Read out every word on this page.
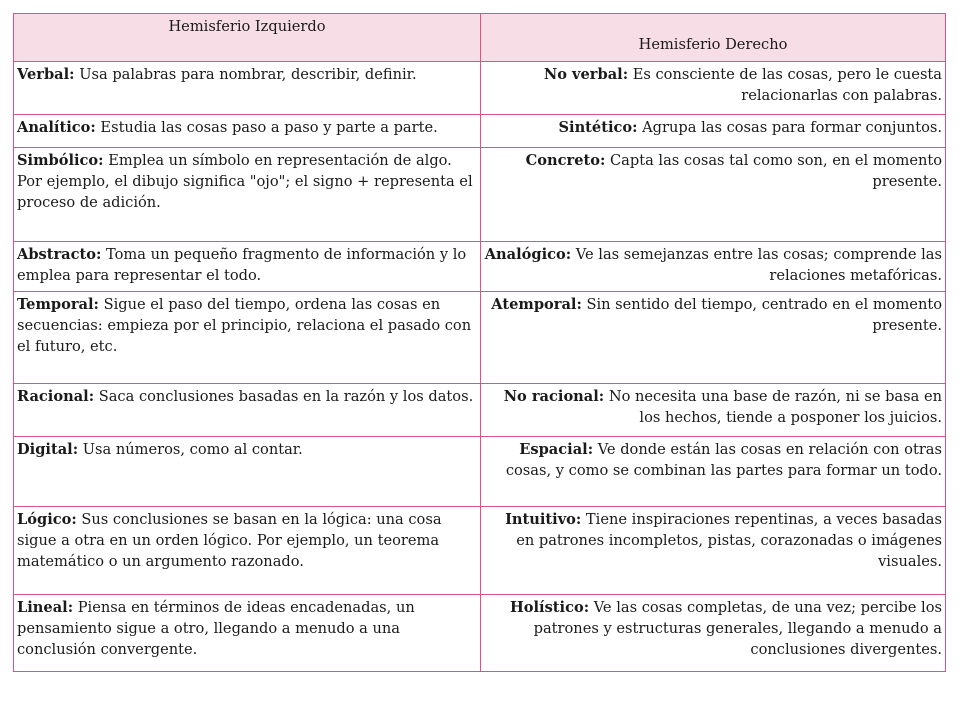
Hemisferio Izquierdo	Hemisferio Derecho
Verbal: Usa palabras para nombrar, describir, definir.	No verbal: Es consciente de las cosas, pero le cuesta relacionarlas con palabras.
Analítico: Estudia las cosas paso a paso y parte a parte.	Sintético: Agrupa las cosas para formar conjuntos.
Simbólico: Emplea un símbolo en representación de algo. Por ejemplo, el dibujo significa "ojo"; el signo + representa el proceso de adición.	Concreto: Capta las cosas tal como son, en el momento presente.
Abstracto: Toma un pequeño fragmento de información y lo emplea para representar el todo.	Analógico: Ve las semejanzas entre las cosas; comprende las relaciones metafóricas.
Temporal: Sigue el paso del tiempo, ordena las cosas en secuencias: empieza por el principio, relaciona el pasado con el futuro, etc.	Atemporal: Sin sentido del tiempo, centrado en el momento presente.
Racional: Saca conclusiones basadas en la razón y los datos.	No racional: No necesita una base de razón, ni se basa en los hechos, tiende a posponer los juicios.
Digital: Usa números, como al contar.	Espacial: Ve donde están las cosas en relación con otras cosas, y como se combinan las partes para formar un todo.
Lógico: Sus conclusiones se basan en la lógica: una cosa sigue a otra en un orden lógico. Por ejemplo, un teorema matemático o un argumento razonado.	Intuitivo: Tiene inspiraciones repentinas, a veces basadas en patrones incompletos, pistas, corazonadas o imágenes visuales.
Lineal: Piensa en términos de ideas encadenadas, un pensamiento sigue a otro, llegando a menudo a una conclusión convergente.	Holístico: Ve las cosas completas, de una vez; percibe los patrones y estructuras generales, llegando a menudo a conclusiones divergentes.
